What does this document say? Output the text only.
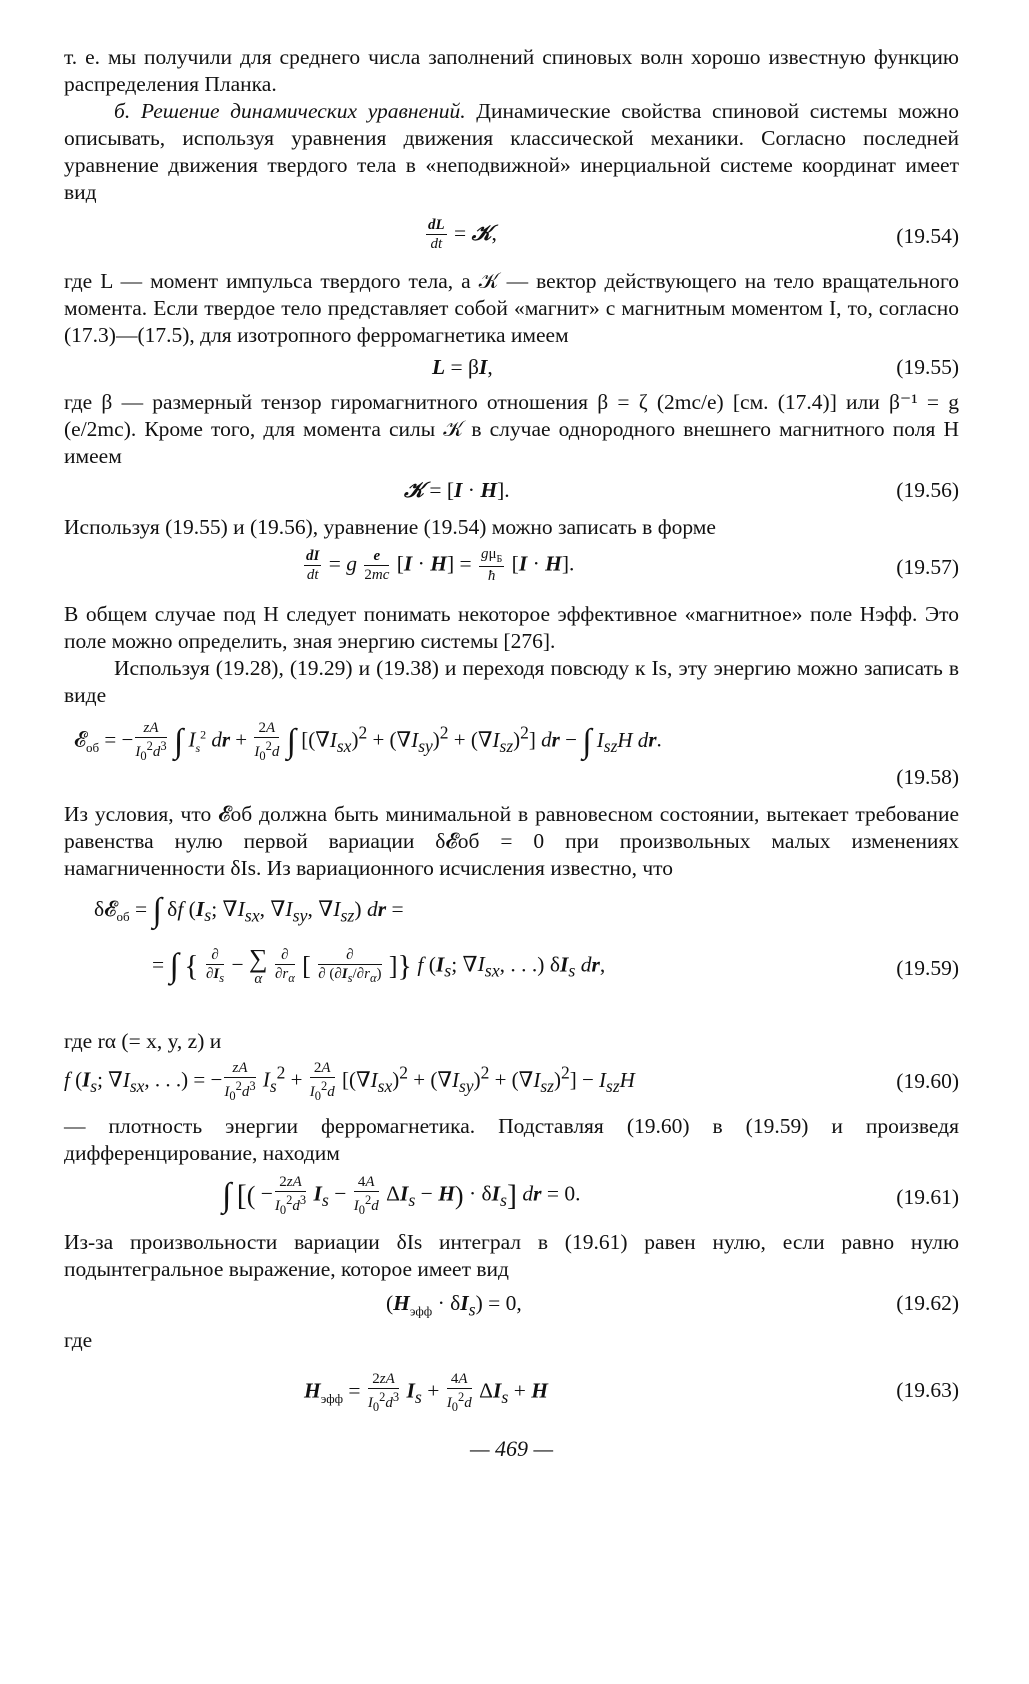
т. е. мы получили для среднего числа заполнений спиновых волн хорошо известную функцию распределения Планка.

б. Решение динамических уравнений. Динамические свойства спиновой системы можно описывать, используя уравнения движения классической механики. Согласно последней уравнение движения твердого тела в «неподвижной» инерциальной системе координат имеет вид

$\frac{dL}{dt}$ = 𝒦,	(19.54)

где L — момент импульса твердого тела, а 𝒦 — вектор действующего на тело вращательного момента. Если твердое тело представляет собой «магнит» с магнитным моментом I, то, согласно (17.3)—(17.5), для изотропного ферромагнетика имеем

L = βI,	(19.55)

где β — размерный тензор гиромагнитного отношения β = ζ (2mc/e) [см. (17.4)] или β⁻¹ = g (e/2mc). Кроме того, для момента силы 𝒦 в случае однородного внешнего магнитного поля H имеем

𝒦 = [I · H].	(19.56)

Используя (19.55) и (19.56), уравнение (19.54) можно записать в форме

$\frac{dI}{dt} = g \frac{e}{2mc} [I \cdot H] = g\mu_Б$
ħ
[I · H].	(19.57)

В общем случае под H следует понимать некоторое эффективное «магнитное» поле Hэфф. Это поле можно определить, зная энергию системы [276].

Используя (19.28), (19.29) и (19.38) и переходя повсюду к Is, эту энергию можно записать в виде

𝓔$_{об}$ = − $\frac{zA}{I_0^2d^3}$ ∫ $I_s^2$ dr + $\frac{2A}{I_0^2d}$ ∫ $[(\nabla I_{sx})^2 + (\nabla I_{sy})^2 + (\nabla I_{sz})^2]$ dr − ∫ $I_{sz}H$ dr.
(19.58)

Из условия, что 𝓔об должна быть минимальной в равновесном состоянии, вытекает требование равенства нулю первой вариации δ𝓔об = 0 при произвольных малых изменениях намагниченности δIs. Из вариационного исчисления известно, что

δ𝓔$_{об}$ = ∫ δf ($I_s$; $\nabla I_{sx}$, $\nabla I_{sy}$, $\nabla I_{sz}$) dr =
= ∫ { ∂
$\partial I_s$
− ∑
α

∂
$\partial r_\alpha$ [	∂
∂ $(\partial I_s/\partial r_\alpha)$ ]} f ($I_s$; $\nabla I_{sx}$, . . .) $\delta I_s$ dr,	(19.59)

где rα (= x, y, z) и

f ($I_s$; $\nabla I_{sx}$, . . .) = − $\frac{zA}{I_0^2d^3} I_s^2 + \frac{2A}{I_0^2d} [(\nabla I_{sx})^2 + (\nabla I_{sy})^2 + (\nabla I_{sz})^2] - I_{sz}H$	(19.60)

— плотность энергии ферромагнетика. Подставляя (19.60) в (19.59) и произведя дифференцирование, находим

∫ [( − $\frac{2zA}{I_0^2d^3} I_s - \frac{4A}{I_0^2d} \Delta I_s - H) \cdot \delta I_s$] dr = 0.	(19.61)

Из-за произвольности вариации δIs интеграл в (19.61) равен нулю, если равно нулю подынтегральное выражение, которое имеет вид

$(H_{эфф} \cdot \delta I_s) = 0$,	(19.62)

где

$H_{эфф} = \frac{2zA}{I_0^2d^3} I_s + \frac{4A}{I_0^2d} \Delta I_s + H$	(19.63)
— 469 —
